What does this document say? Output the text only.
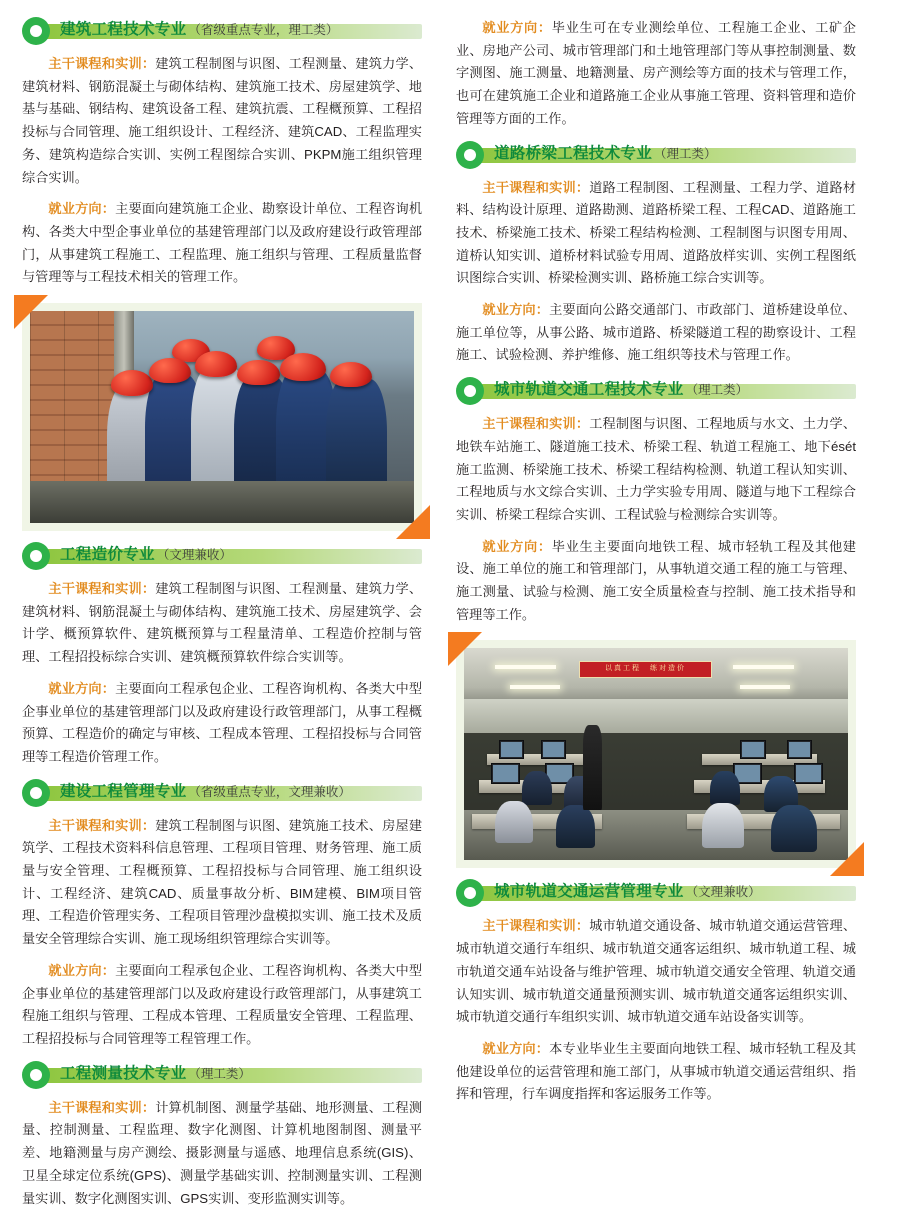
建筑工程技术专业 （省级重点专业，理工类）

主干课程和实训：建筑工程制图与识图、工程测量、建筑力学、建筑材料、钢筋混凝土与砌体结构、建筑施工技术、房屋建筑学、地基与基础、钢结构、建筑设备工程、建筑抗震、工程概预算、工程招投标与合同管理、施工组织设计、工程经济、建筑CAD、工程监理实务、建筑构造综合实训、实例工程图综合实训、PKPM施工组织管理综合实训。

就业方向：主要面向建筑施工企业、勘察设计单位、工程咨询机构、各类大中型企事业单位的基建管理部门以及政府建设行政管理部门，从事建筑工程施工、工程监理、施工组织与管理、工程质量监督与管理等与工程技术相关的管理工作。

工程造价专业 （文理兼收）

主干课程和实训：建筑工程制图与识图、工程测量、建筑力学、建筑材料、钢筋混凝土与砌体结构、建筑施工技术、房屋建筑学、会计学、概预算软件、建筑概预算与工程量清单、工程造价控制与管理、工程招投标综合实训、建筑概预算软件综合实训等。

就业方向：主要面向工程承包企业、工程咨询机构、各类大中型企事业单位的基建管理部门以及政府建设行政管理部门，从事工程概预算、工程造价的确定与审核、工程成本管理、工程招投标与合同管理等工程造价管理工作。

建设工程管理专业 （省级重点专业，文理兼收）

主干课程和实训：建筑工程制图与识图、建筑施工技术、房屋建筑学、工程技术资料科信息管理、工程项目管理、财务管理、施工质量与安全管理、工程概预算、工程招投标与合同管理、施工组织设计、工程经济、建筑CAD、质量事故分析、BIM建模、BIM项目管理、工程造价管理实务、工程项目管理沙盘模拟实训、施工技术及质量安全管理综合实训、施工现场组织管理综合实训等。

就业方向：主要面向工程承包企业、工程咨询机构、各类大中型企事业单位的基建管理部门以及政府建设行政管理部门，从事建筑工程施工组织与管理、工程成本管理、工程质量安全管理、工程监理、工程招投标与合同管理等工程管理工作。

工程测量技术专业 （理工类）

主干课程和实训：计算机制图、测量学基础、地形测量、工程测量、控制测量、工程监理、数字化测图、计算机地图制图、测量平差、地籍测量与房产测绘、摄影测量与遥感、地理信息系统(GIS)、卫星全球定位系统(GPS)、测量学基础实训、控制测量实训、工程测量实训、数字化测图实训、GPS实训、变形监测实训等。

就业方向：毕业生可在专业测绘单位、工程施工企业、工矿企业、房地产公司、城市管理部门和土地管理部门等从事控制测量、数字测图、施工测量、地籍测量、房产测绘等方面的技术与管理工作，也可在建筑施工企业和道路施工企业从事施工管理、资料管理和造价管理等方面的工作。

道路桥梁工程技术专业 （理工类）

主干课程和实训：道路工程制图、工程测量、工程力学、道路材料、结构设计原理、道路勘测、道路桥梁工程、工程CAD、道路施工技术、桥梁施工技术、桥梁工程结构检测、工程制图与识图专用周、道桥认知实训、道桥材料试验专用周、道路放样实训、实例工程图纸识图综合实训、桥梁检测实训、路桥施工综合实训等。

就业方向：主要面向公路交通部门、市政部门、道桥建设单位、施工单位等，从事公路、城市道路、桥梁隧道工程的勘察设计、工程施工、试验检测、养护维修、施工组织等技术与管理工作。

城市轨道交通工程技术专业 （理工类）

主干课程和实训：工程制图与识图、工程地质与水文、土力学、地铁车站施工、隧道施工技术、桥梁工程、轨道工程施工、地下ését施工监测、桥梁施工技术、桥梁工程结构检测、轨道工程认知实训、工程地质与水文综合实训、土力学实验专用周、隧道与地下工程综合实训、桥梁工程综合实训、工程试验与检测综合实训等。

就业方向：毕业生主要面向地铁工程、城市轻轨工程及其他建设、施工单位的施工和管理部门，从事轨道交通工程的施工与管理、施工测量、试验与检测、施工安全质量检查与控制、施工技术指导和管理等工作。

以真工程　练对造价
城市轨道交通运营管理专业 （文理兼收）

主干课程和实训：城市轨道交通设备、城市轨道交通运营管理、城市轨道交通行车组织、城市轨道交通客运组织、城市轨道工程、城市轨道交通车站设备与维护管理、城市轨道交通安全管理、轨道交通认知实训、城市轨道交通量预测实训、城市轨道交通客运组织实训、城市轨道交通行车组织实训、城市轨道交通车站设备实训等。

就业方向：本专业毕业生主要面向地铁工程、城市轻轨工程及其他建设单位的运营管理和施工部门，从事城市轨道交通运营组织、指挥和管理，行车调度指挥和客运服务工作等。
